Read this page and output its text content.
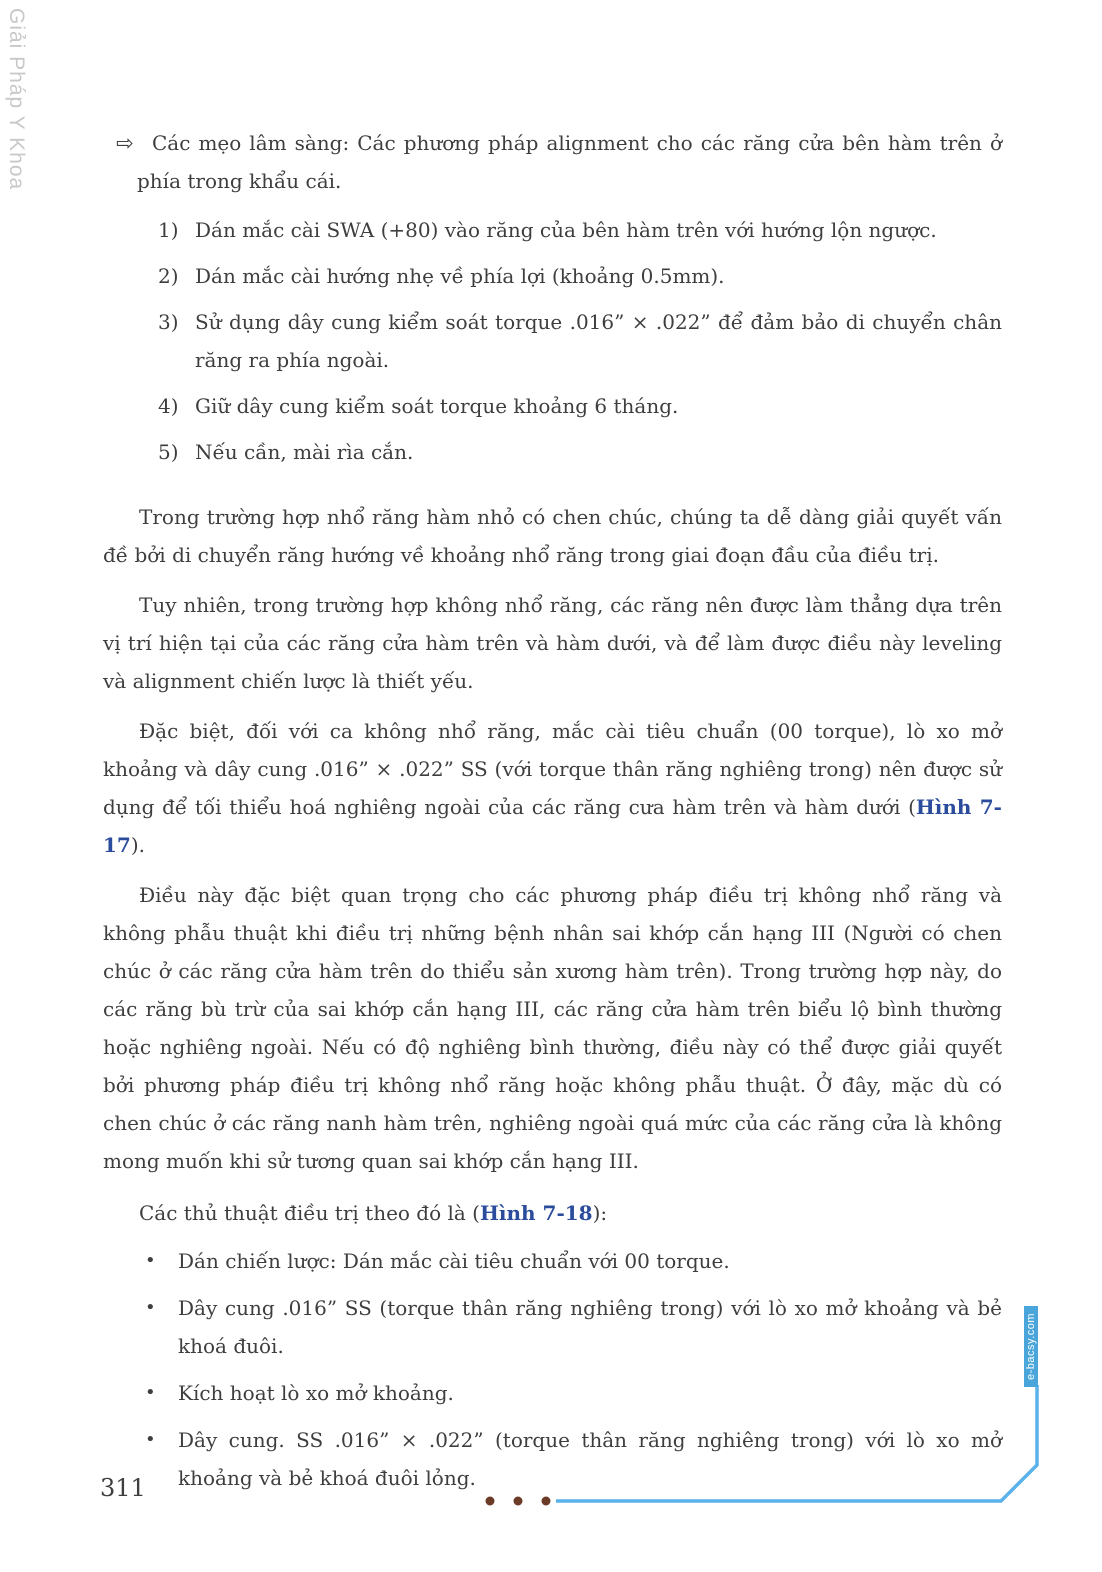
Giải Pháp Y Khoa	⇨ Các mẹo lâm sàng: Các phương pháp alignment cho các răng cửa bên hàm trên ở phía trong khẩu cái.
1) Dán mắc cài SWA (+80) vào răng của bên hàm trên với hướng lộn ngược.
2) Dán mắc cài hướng nhẹ về phía lợi (khoảng 0.5mm).
3) Sử dụng dây cung kiểm soát torque .016” × .022” để đảm bảo di chuyển chân răng ra phía ngoài.
4) Giữ dây cung kiểm soát torque khoảng 6 tháng.
5) Nếu cần, mài rìa cắn.

Trong trường hợp nhổ răng hàm nhỏ có chen chúc, chúng ta dễ dàng giải quyết vấn đề bởi di chuyển răng hướng về khoảng nhổ răng trong giai đoạn đầu của điều trị.

Tuy nhiên, trong trường hợp không nhổ răng, các răng nên được làm thẳng dựa trên vị trí hiện tại của các răng cửa hàm trên và hàm dưới, và để làm được điều này leveling và alignment chiến lược là thiết yếu.

Đặc biệt, đối với ca không nhổ răng, mắc cài tiêu chuẩn (00 torque), lò xo mở khoảng và dây cung .016” × .022” SS (với torque thân răng nghiêng trong) nên được sử dụng để tối thiểu hoá nghiêng ngoài của các răng cưa hàm trên và hàm dưới (Hình 7-17).

Điều này đặc biệt quan trọng cho các phương pháp điều trị không nhổ răng và không phẫu thuật khi điều trị những bệnh nhân sai khớp cắn hạng III (Người có chen chúc ở các răng cửa hàm trên do thiểu sản xương hàm trên). Trong trường hợp này, do các răng bù trừ của sai khớp cắn hạng III, các răng cửa hàm trên biểu lộ bình thường hoặc nghiêng ngoài. Nếu có độ nghiêng bình thường, điều này có thể được giải quyết bởi phương pháp điều trị không nhổ răng hoặc không phẫu thuật. Ở đây, mặc dù có chen chúc ở các răng nanh hàm trên, nghiêng ngoài quá mức của các răng cửa là không mong muốn khi sử tương quan sai khớp cắn hạng III.

Các thủ thuật điều trị theo đó là (Hình 7-18):

• Dán chiến lược: Dán mắc cài tiêu chuẩn với 00 torque.
• Dây cung .016” SS (torque thân răng nghiêng trong) với lò xo mở khoảng và bẻ khoá đuôi.
• Kích hoạt lò xo mở khoảng.
• Dây cung. SS .016” × .022” (torque thân răng nghiêng trong) với lò xo mở khoảng và bẻ khoá đuôi lỏng.
311
e-bacsy.com
